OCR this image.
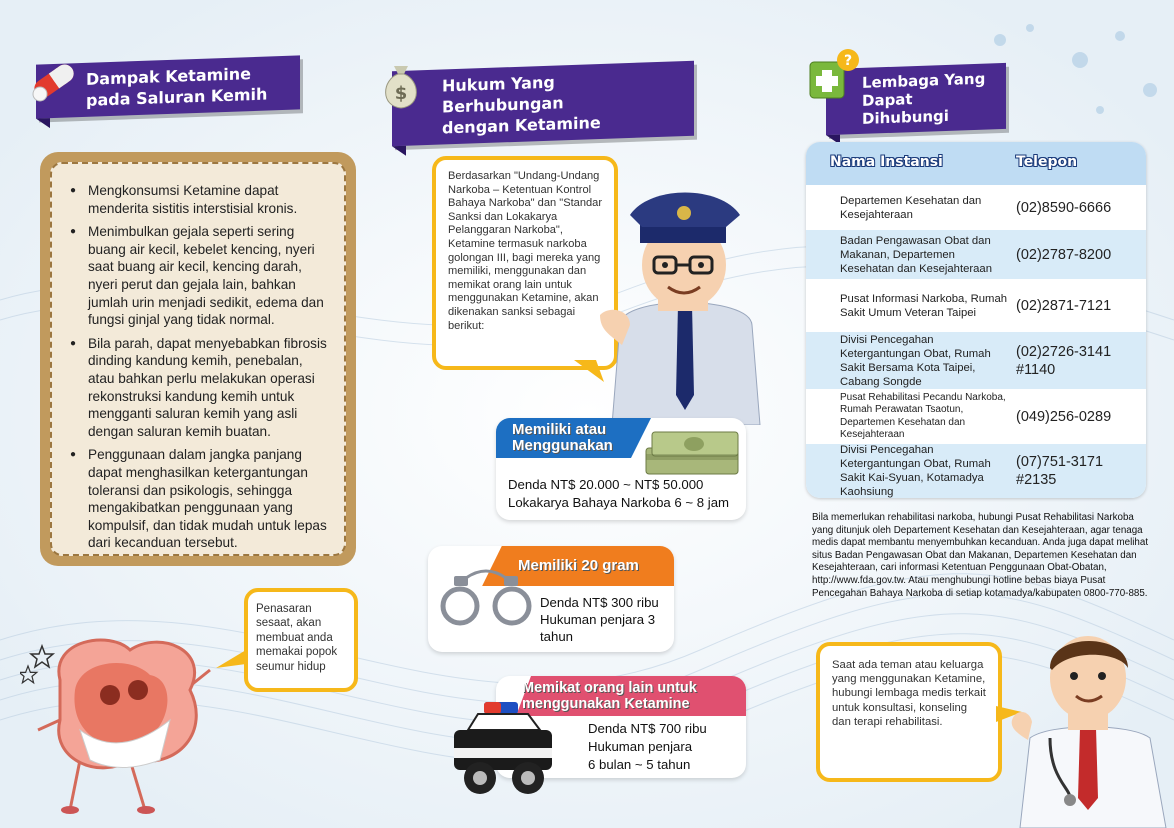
Dampak Ketamine
pada Saluran Kemih
● Mengkonsumsi Ketamine dapat menderita sistitis interstisial kronis.
● Menimbulkan gejala seperti sering buang air kecil, kebelet kencing, nyeri saat buang air kecil, kencing darah, nyeri perut dan gejala lain, bahkan jumlah urin menjadi sedikit, edema dan fungsi ginjal yang tidak normal.
● Bila parah, dapat menyebabkan fibrosis dinding kandung kemih, penebalan, atau bahkan perlu melakukan operasi rekonstruksi kandung kemih untuk mengganti saluran kemih yang asli dengan saluran kemih buatan.
● Penggunaan dalam jangka panjang dapat menghasilkan ketergantungan toleransi dan psikologis, sehingga mengakibatkan penggunaan yang kompulsif, dan tidak mudah untuk lepas dari kecanduan tersebut.
Penasaran sesaat, akan membuat anda memakai popok seumur hidup
$ Hukum Yang Berhubungan
dengan Ketamine
Berdasarkan "Undang-Undang Narkoba – Ketentuan Kontrol Bahaya Narkoba" dan "Standar Sanksi dan Lokakarya Pelanggaran Narkoba", Ketamine termasuk narkoba golongan III, bagi mereka yang memiliki, menggunakan dan memikat orang lain untuk menggunakan Ketamine, akan dikenakan sanksi sebagai berikut:
Memiliki atau
Menggunakan
Denda NT$ 20.000 ~ NT$ 50.000
Lokakarya Bahaya Narkoba 6 ~ 8 jam
Memiliki 20 gram
Denda NT$ 300 ribu
Hukuman penjara 3
tahun
Memikat orang lain untuk
menggunakan Ketamine
Denda NT$ 700 ribu
Hukuman penjara
6 bulan ~ 5 tahun
?
Lembaga Yang
Dapat Dihubungi
Nama Instansi	Telepon
Departemen Kesehatan dan Kesejahteraan	(02)8590-6666
Badan Pengawasan Obat dan Makanan, Departemen Kesehatan dan Kesejahteraan
(02)2787-8200
Pusat Informasi Narkoba, Rumah Sakit Umum Veteran Taipei	(02)2871-7121
Divisi Pencegahan Ketergantungan Obat, Rumah Sakit Bersama Kota Taipei, Cabang Songde
(02)2726-3141 #1140
Pusat Rehabilitasi Pecandu Narkoba, Rumah Perawatan Tsaotun, Departemen Kesehatan dan Kesejahteraan
(049)256-0289
Divisi Pencegahan Ketergantungan Obat, Rumah Sakit Kai-Syuan, Kotamadya Kaohsiung
(07)751-3171 #2135
Bila memerlukan rehabilitasi narkoba, hubungi Pusat Rehabilitasi Narkoba yang ditunjuk oleh Departement Kesehatan dan Kesejahteraan, agar tenaga medis dapat membantu menyembuhkan kecanduan. Anda juga dapat melihat situs Badan Pengawasan Obat dan Makanan, Departemen Kesehatan dan Kesejahteraan, cari informasi Ketentuan Penggunaan Obat-Obatan, http://www.fda.gov.tw. Atau menghubungi hotline bebas biaya Pusat Pencegahan Bahaya Narkoba di setiap kotamadya/kabupaten 0800-770-885.
Saat ada teman atau keluarga yang menggunakan Ketamine, hubungi lembaga medis terkait untuk konsultasi, konseling dan terapi rehabilitasi.
